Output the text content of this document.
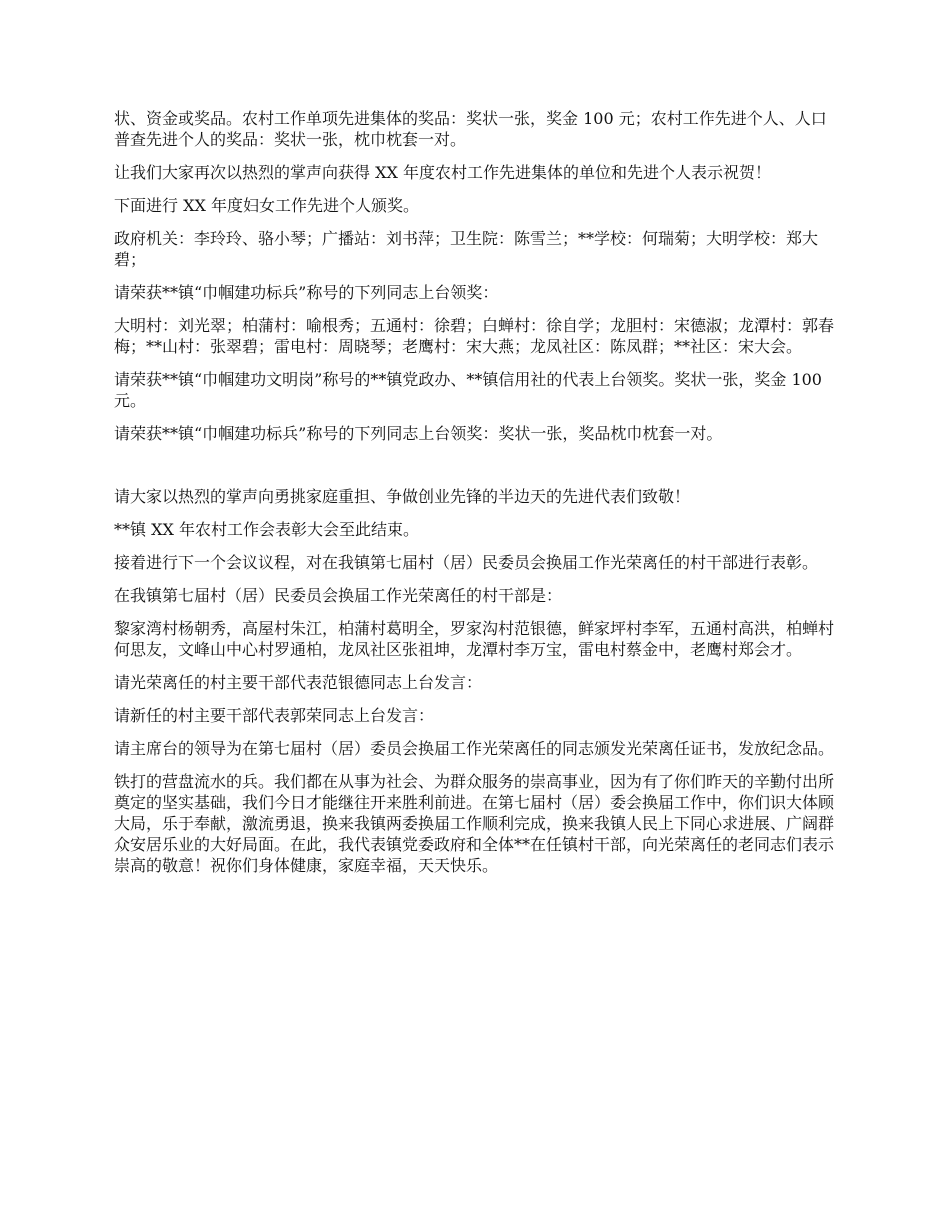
状、资金或奖品。农村工作单项先进集体的奖品：奖状一张，奖金 100 元；农村工作先进个人、人口普查先进个人的奖品：奖状一张，枕巾枕套一对。

让我们大家再次以热烈的掌声向获得 XX 年度农村工作先进集体的单位和先进个人表示祝贺！

下面进行 XX 年度妇女工作先进个人颁奖。

政府机关：李玲玲、骆小琴；广播站：刘书萍；卫生院：陈雪兰；**学校：何瑞菊；大明学校：郑大碧；

请荣获**镇“巾帼建功标兵”称号的下列同志上台领奖：

大明村：刘光翠；柏蒲村：喻根秀；五通村：徐碧；白蝉村：徐自学；龙胆村：宋德淑；龙潭村：郭春梅；**山村：张翠碧；雷电村：周晓琴；老鹰村：宋大燕；龙凤社区：陈凤群；**社区：宋大会。

请荣获**镇“巾帼建功文明岗”称号的**镇党政办、**镇信用社的代表上台领奖。奖状一张，奖金 100 元。

请荣获**镇“巾帼建功标兵”称号的下列同志上台领奖：奖状一张，奖品枕巾枕套一对。

请大家以热烈的掌声向勇挑家庭重担、争做创业先锋的半边天的先进代表们致敬！

**镇 XX 年农村工作会表彰大会至此结束。

接着进行下一个会议议程，对在我镇第七届村（居）民委员会换届工作光荣离任的村干部进行表彰。

在我镇第七届村（居）民委员会换届工作光荣离任的村干部是：

黎家湾村杨朝秀，高屋村朱江，柏蒲村葛明全，罗家沟村范银德，鲜家坪村李军，五通村高洪，柏蝉村何思友，文峰山中心村罗通柏，龙凤社区张祖坤，龙潭村李万宝，雷电村蔡金中，老鹰村郑会才。

请光荣离任的村主要干部代表范银德同志上台发言：

请新任的村主要干部代表郭荣同志上台发言：

请主席台的领导为在第七届村（居）委员会换届工作光荣离任的同志颁发光荣离任证书，发放纪念品。

铁打的营盘流水的兵。我们都在从事为社会、为群众服务的崇高事业，因为有了你们昨天的辛勤付出所奠定的坚实基础，我们今日才能继往开来胜利前进。在第七届村（居）委会换届工作中，你们识大体顾大局，乐于奉献，激流勇退，换来我镇两委换届工作顺利完成，换来我镇人民上下同心求进展、广阔群众安居乐业的大好局面。在此，我代表镇党委政府和全体**在任镇村干部，向光荣离任的老同志们表示崇高的敬意！祝你们身体健康，家庭幸福，天天快乐。
